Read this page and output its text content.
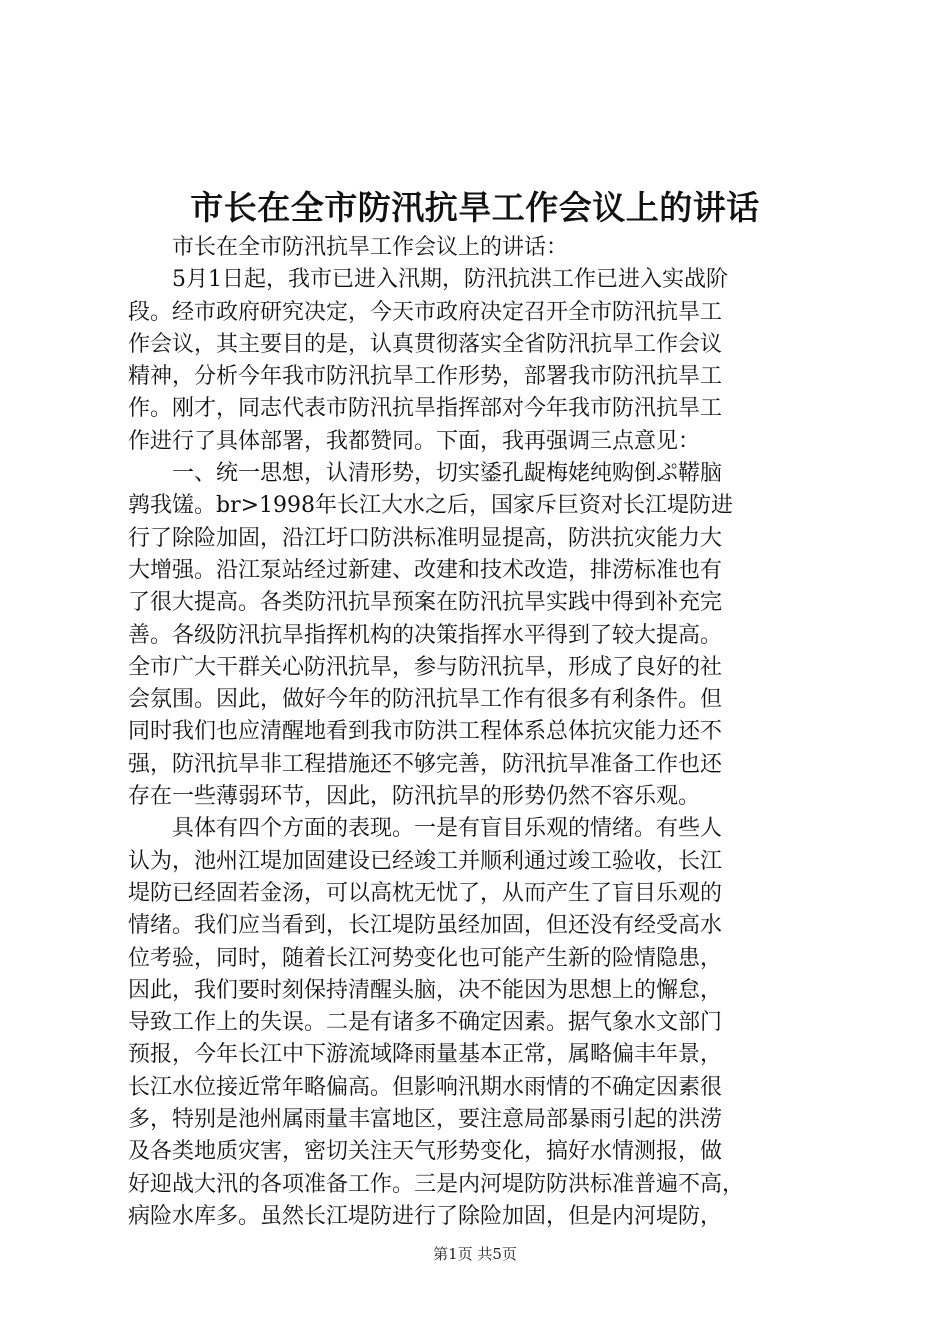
市长在全市防汛抗旱工作会议上的讲话
市长在全市防汛抗旱工作会议上的讲话：
5月1日起，我市已进入汛期，防汛抗洪工作已进入实战阶
段。经市政府研究决定，今天市政府决定召开全市防汛抗旱工
作会议，其主要目的是，认真贯彻落实全省防汛抗旱工作会议
精神，分析今年我市防汛抗旱工作形势，部署我市防汛抗旱工
作。刚才，同志代表市防汛抗旱指挥部对今年我市防汛抗旱工
作进行了具体部署，我都赞同。下面，我再强调三点意见：
一、统一思想，认清形势，切实鋈孔龊梅姥纯购倒ぷ鞯脑
鹑我馐。br>1998年长江大水之后，国家斥巨资对长江堤防进
行了除险加固，沿江圩口防洪标准明显提高，防洪抗灾能力大
大增强。沿江泵站经过新建、改建和技术改造，排涝标准也有
了很大提高。各类防汛抗旱预案在防汛抗旱实践中得到补充完
善。各级防汛抗旱指挥机构的决策指挥水平得到了较大提高。
全市广大干群关心防汛抗旱，参与防汛抗旱，形成了良好的社
会氛围。因此，做好今年的防汛抗旱工作有很多有利条件。但
同时我们也应清醒地看到我市防洪工程体系总体抗灾能力还不
强，防汛抗旱非工程措施还不够完善，防汛抗旱准备工作也还
存在一些薄弱环节，因此，防汛抗旱的形势仍然不容乐观。
具体有四个方面的表现。一是有盲目乐观的情绪。有些人
认为，池州江堤加固建设已经竣工并顺利通过竣工验收，长江
堤防已经固若金汤，可以高枕无忧了，从而产生了盲目乐观的
情绪。我们应当看到，长江堤防虽经加固，但还没有经受高水
位考验，同时，随着长江河势变化也可能产生新的险情隐患，
因此，我们要时刻保持清醒头脑，决不能因为思想上的懈怠，
导致工作上的失误。二是有诸多不确定因素。据气象水文部门
预报，今年长江中下游流域降雨量基本正常，属略偏丰年景，
长江水位接近常年略偏高。但影响汛期水雨情的不确定因素很
多，特别是池州属雨量丰富地区，要注意局部暴雨引起的洪涝
及各类地质灾害，密切关注天气形势变化，搞好水情测报，做
好迎战大汛的各项准备工作。三是内河堤防防洪标准普遍不高，
病险水库多。虽然长江堤防进行了除险加固，但是内河堤防，
第1页 共5页
